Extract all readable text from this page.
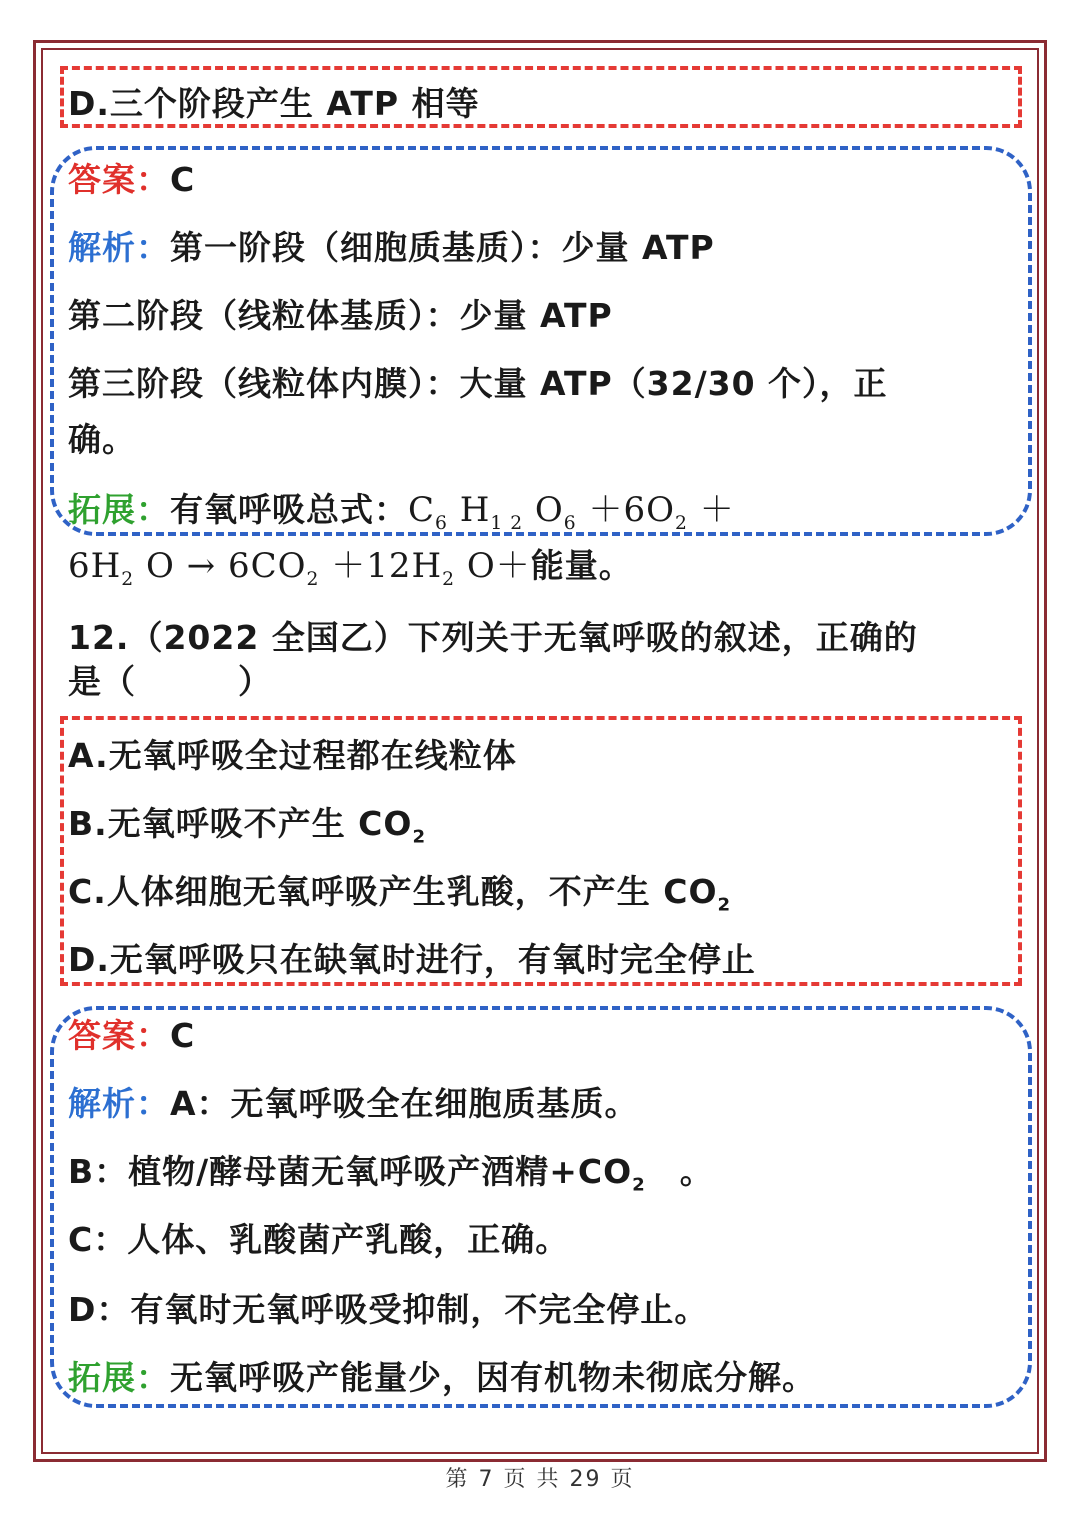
D.三个阶段产生 ATP 相等
答案：C
解析：第一阶段（细胞质基质）：少量 ATP
第二阶段（线粒体基质）：少量 ATP
第三阶段（线粒体内膜）：大量 ATP（32/30 个），正
确。
拓展：有氧呼吸总式：$C_6$ $H_{1 2}$ $O_6 +6O_2$ ＋
$6H_2$ $O \to 6CO_2 +12H_2$ O＋能量。
12.（2022 全国乙）下列关于无氧呼吸的叙述，正确的
是（　　　）
A.无氧呼吸全过程都在线粒体
B.无氧呼吸不产生 $CO_2$
C.人体细胞无氧呼吸产生乳酸，不产生 $CO_2$
D.无氧呼吸只在缺氧时进行，有氧时完全停止
答案：C
解析：A：无氧呼吸全在细胞质基质。
B：植物/酵母菌无氧呼吸产酒精$+CO_2$　。
C：人体、乳酸菌产乳酸，正确。
D：有氧时无氧呼吸受抑制，不完全停止。
拓展：无氧呼吸产能量少，因有机物未彻底分解。
第 7 页 共 29 页
